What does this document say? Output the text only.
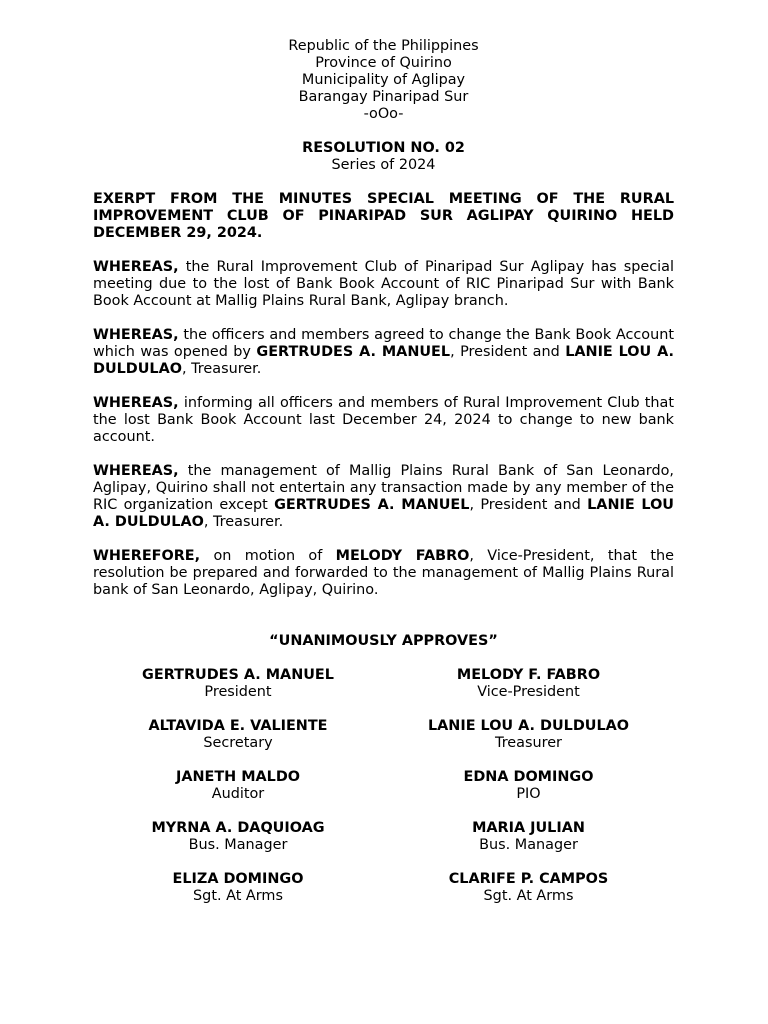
Republic of the Philippines
Province of Quirino
Municipality of Aglipay
Barangay Pinaripad Sur
-oOo-
RESOLUTION NO. 02
Series of 2024
EXERPT FROM THE MINUTES SPECIAL MEETING OF THE RURAL IMPROVEMENT CLUB OF PINARIPAD SUR AGLIPAY QUIRINO HELD DECEMBER 29, 2024.
WHEREAS, the Rural Improvement Club of Pinaripad Sur Aglipay has special meeting due to the lost of Bank Book Account of RIC Pinaripad Sur with Bank Book Account at Mallig Plains Rural Bank, Aglipay branch.
WHEREAS, the officers and members agreed to change the Bank Book Account which was opened by GERTRUDES A. MANUEL, President and LANIE LOU A. DULDULAO, Treasurer.
WHEREAS, informing all officers and members of Rural Improvement Club that the lost Bank Book Account last December 24, 2024 to change to new bank account.
WHEREAS, the management of Mallig Plains Rural Bank of San Leonardo, Aglipay, Quirino shall not entertain any transaction made by any member of the RIC organization except GERTRUDES A. MANUEL, President and LANIE LOU A. DULDULAO, Treasurer.
WHEREFORE, on motion of MELODY FABRO, Vice-President, that the resolution be prepared and forwarded to the management of Mallig Plains Rural bank of San Leonardo, Aglipay, Quirino.
“UNANIMOUSLY APPROVES”
GERTRUDES A. MANUEL
President
MELODY F. FABRO
Vice-President
ALTAVIDA E. VALIENTE
Secretary
LANIE LOU A. DULDULAO
Treasurer
JANETH MALDO
Auditor
EDNA DOMINGO
PIO
MYRNA A. DAQUIOAG
Bus. Manager
MARIA JULIAN
Bus. Manager
ELIZA DOMINGO
Sgt. At Arms
CLARIFE P. CAMPOS
Sgt. At Arms
